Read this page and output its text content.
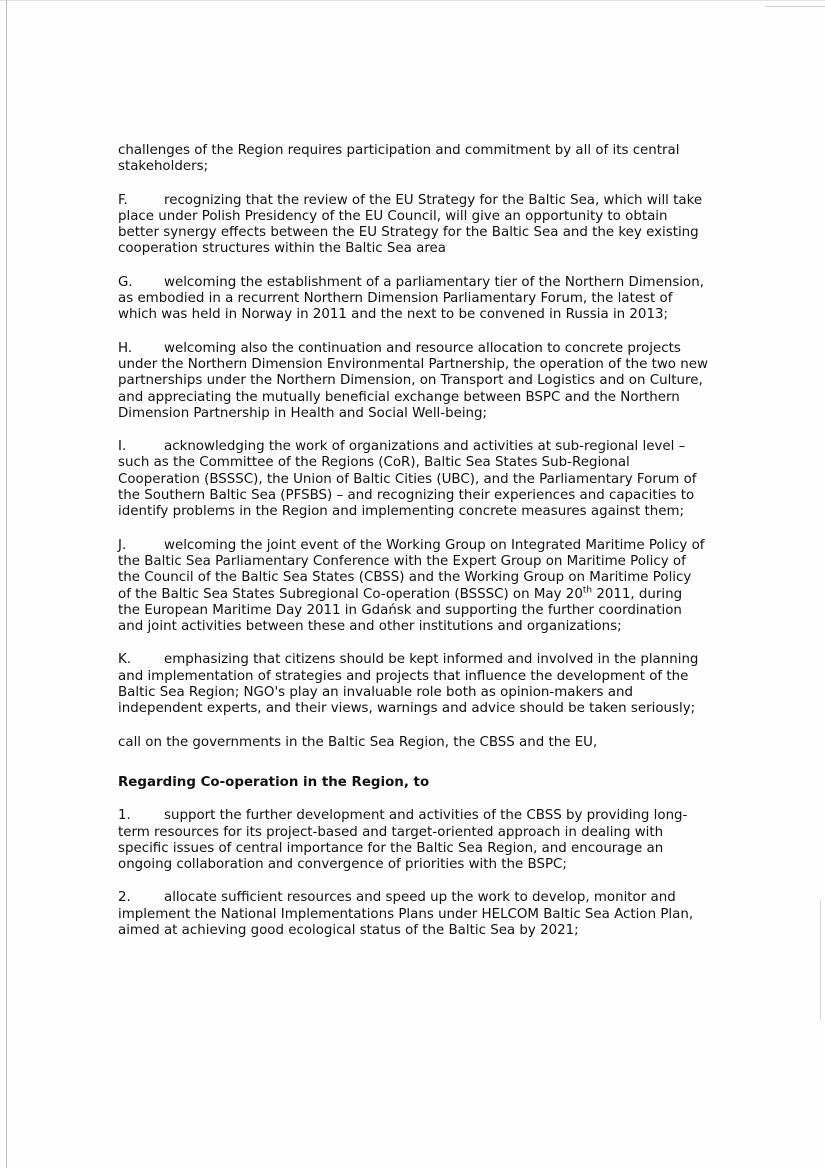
challenges of the Region requires participation and commitment by all of its central stakeholders;

F.	recognizing that the review of the EU Strategy for the Baltic Sea, which will take place under Polish Presidency of the EU Council, will give an opportunity to obtain better synergy effects between the EU Strategy for the Baltic Sea and the key existing cooperation structures within the Baltic Sea area

G. welcoming the establishment of a parliamentary tier of the Northern Dimension, as embodied in a recurrent Northern Dimension Parliamentary Forum, the latest of which was held in Norway in 2011 and the next to be convened in Russia in 2013;

H. welcoming also the continuation and resource allocation to concrete projects under the Northern Dimension Environmental Partnership, the operation of the two new partnerships under the Northern Dimension, on Transport and Logistics and on Culture, and appreciating the mutually beneficial exchange between BSPC and the Northern Dimension Partnership in Health and Social Well-being;

I.	acknowledging the work of organizations and activities at sub-regional level – such as the Committee of the Regions (CoR), Baltic Sea States Sub-Regional Cooperation (BSSSC), the Union of Baltic Cities (UBC), and the Parliamentary Forum of the Southern Baltic Sea (PFSBS) – and recognizing their experiences and capacities to identify problems in the Region and implementing concrete measures against them;

J.	welcoming the joint event of the Working Group on Integrated Maritime Policy of the Baltic Sea Parliamentary Conference with the Expert Group on Maritime Policy of the Council of the Baltic Sea States (CBSS) and the Working Group on Maritime Policy of the Baltic Sea States Subregional Co-operation (BSSSC) on May 20th 2011, during the European Maritime Day 2011 in Gdańsk and supporting the further coordination and joint activities between these and other institutions and organizations;

K. emphasizing that citizens should be kept informed and involved in the planning and implementation of strategies and projects that influence the development of the Baltic Sea Region; NGO's play an invaluable role both as opinion-makers and independent experts, and their views, warnings and advice should be taken seriously;

call on the governments in the Baltic Sea Region, the CBSS and the EU,

Regarding Co-operation in the Region, to

1. support the further development and activities of the CBSS by providing long-term resources for its project-based and target-oriented approach in dealing with specific issues of central importance for the Baltic Sea Region, and encourage an ongoing collaboration and convergence of priorities with the BSPC;

2. allocate sufficient resources and speed up the work to develop, monitor and implement the National Implementations Plans under HELCOM Baltic Sea Action Plan, aimed at achieving good ecological status of the Baltic Sea by 2021;
